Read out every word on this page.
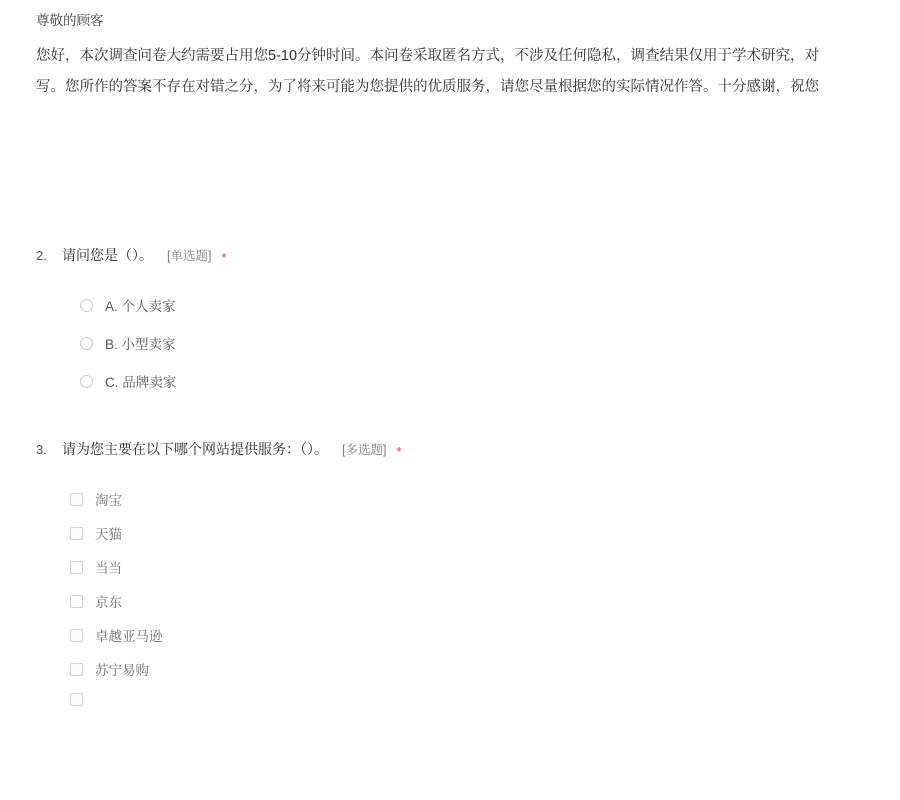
尊敬的顾客
您好，本次调查问卷大约需要占用您5-10分钟时间。本问卷采取匿名方式，不涉及任何隐私，调查结果仅用于学术研究，对
写。您所作的答案不存在对错之分，为了将来可能为您提供的优质服务，请您尽量根据您的实际情况作答。十分感谢，祝您
2.	请问您是（）。 [单选题] *
A. 个人卖家
B. 小型卖家
C. 品牌卖家
3.	请为您主要在以下哪个网站提供服务：（）。 [多选题] *
淘宝
天猫
当当
京东
卓越亚马逊
苏宁易购
